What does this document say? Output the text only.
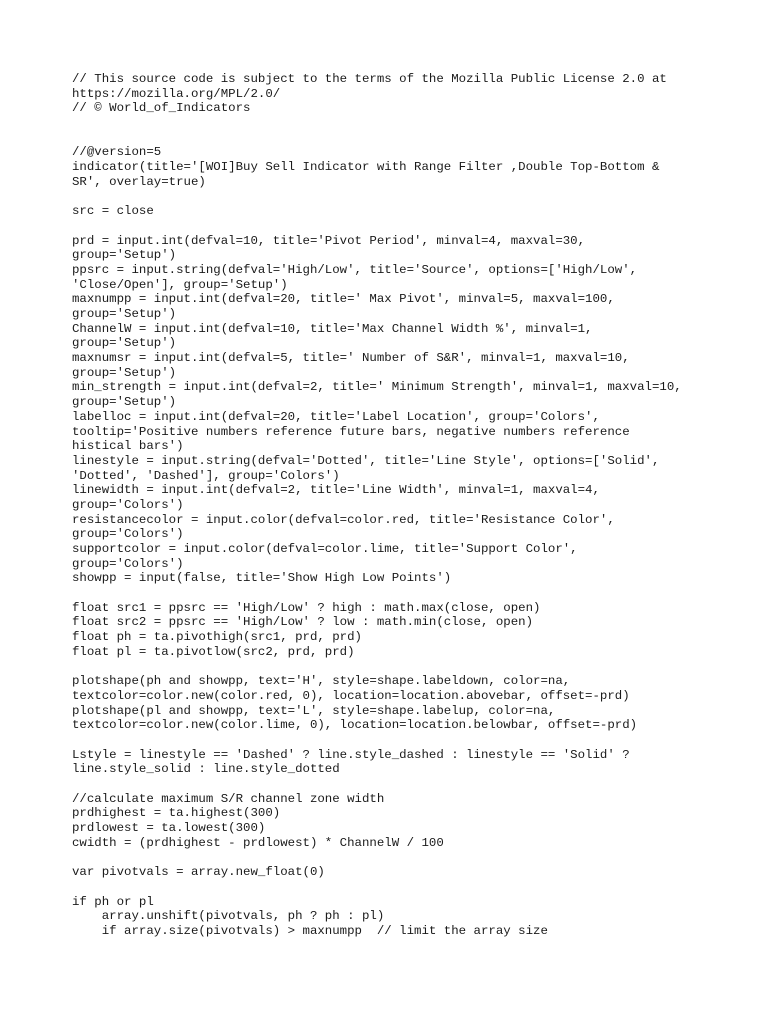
// This source code is subject to the terms of the Mozilla Public License 2.0 at
https://mozilla.org/MPL/2.0/
// © World_of_Indicators
//@version=5
indicator(title='[WOI]Buy Sell Indicator with Range Filter ,Double Top-Bottom &
SR', overlay=true)
src = close
prd = input.int(defval=10, title='Pivot Period', minval=4, maxval=30,
group='Setup')
ppsrc = input.string(defval='High/Low', title='Source', options=['High/Low',
'Close/Open'], group='Setup')
maxnumpp = input.int(defval=20, title=' Max Pivot', minval=5, maxval=100,
group='Setup')
ChannelW = input.int(defval=10, title='Max Channel Width %', minval=1,
group='Setup')
maxnumsr = input.int(defval=5, title=' Number of S&R', minval=1, maxval=10,
group='Setup')
min_strength = input.int(defval=2, title=' Minimum Strength', minval=1, maxval=10,
group='Setup')
labelloc = input.int(defval=20, title='Label Location', group='Colors',
tooltip='Positive numbers reference future bars, negative numbers reference
histical bars')
linestyle = input.string(defval='Dotted', title='Line Style', options=['Solid',
'Dotted', 'Dashed'], group='Colors')
linewidth = input.int(defval=2, title='Line Width', minval=1, maxval=4,
group='Colors')
resistancecolor = input.color(defval=color.red, title='Resistance Color',
group='Colors')
supportcolor = input.color(defval=color.lime, title='Support Color',
group='Colors')
showpp = input(false, title='Show High Low Points')
float src1 = ppsrc == 'High/Low' ? high : math.max(close, open)
float src2 = ppsrc == 'High/Low' ? low : math.min(close, open)
float ph = ta.pivothigh(src1, prd, prd)
float pl = ta.pivotlow(src2, prd, prd)
plotshape(ph and showpp, text='H', style=shape.labeldown, color=na,
textcolor=color.new(color.red, 0), location=location.abovebar, offset=-prd)
plotshape(pl and showpp, text='L', style=shape.labelup, color=na,
textcolor=color.new(color.lime, 0), location=location.belowbar, offset=-prd)
Lstyle = linestyle == 'Dashed' ? line.style_dashed : linestyle == 'Solid' ?
line.style_solid : line.style_dotted
//calculate maximum S/R channel zone width
prdhighest = ta.highest(300)
prdlowest = ta.lowest(300)
cwidth = (prdhighest - prdlowest) * ChannelW / 100
var pivotvals = array.new_float(0)
if ph or pl
array.unshift(pivotvals, ph ? ph : pl)
if array.size(pivotvals) > maxnumpp  // limit the array size
